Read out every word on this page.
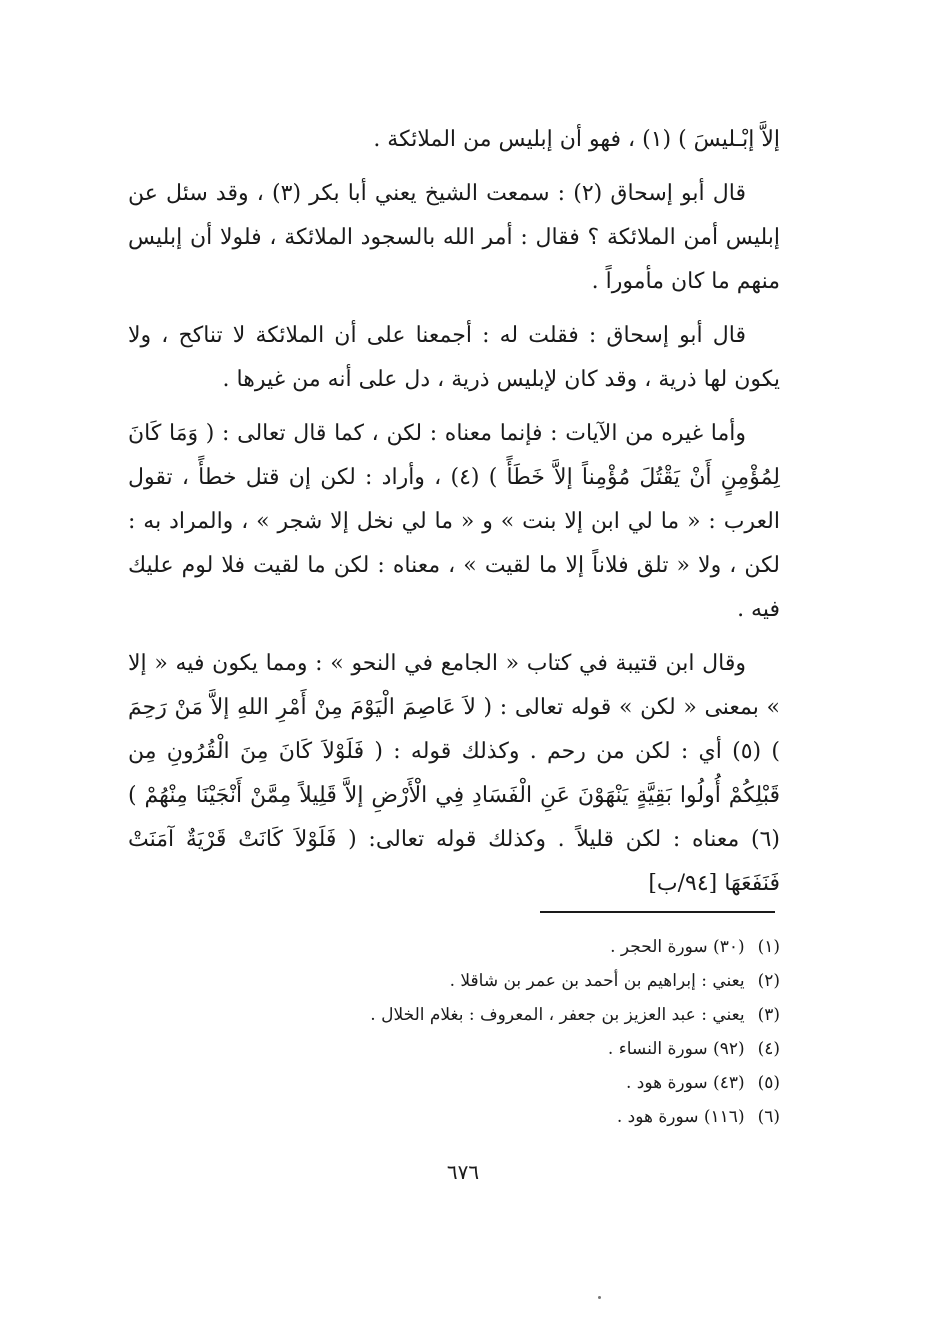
إلاَّ إبْـليسَ ) (١) ، فهو أن إبليس من الملائكة .

قال أبو إسحاق (٢) : سمعت الشيخ يعني أبا بكر (٣) ، وقد سئل عن إبليس أمن الملائكة ؟ فقال : أمر الله بالسجود الملائكة ، فلولا أن إبليس منهم ما كان مأموراً .

قال أبو إسحاق : فقلت له : أجمعنا على أن الملائكة لا تناكح ، ولا يكون لها ذرية ، وقد كان لإبليس ذرية ، دل على أنه من غيرها .

وأما غيره من الآيات : فإنما معناه : لكن ، كما قال تعالى : ( وَمَا كَانَ لِمُؤْمِنٍ أَنْ يَقْتُلَ مُؤْمِناً إلاَّ خَطَأً ) (٤) ، وأراد : لكن إن قتل خطأً ، تقول العرب : « ما لي ابن إلا بنت » و « ما لي نخل إلا شجر » ، والمراد به : لكن ، ولا « تلق فلاناً إلا ما لقيت » ، معناه : لكن ما لقيت فلا لوم عليك فيه .

وقال ابن قتيبة في كتاب « الجامع في النحو » : ومما يكون فيه « إلا » بمعنى « لكن » قوله تعالى : ( لاَ عَاصِمَ الْيَوْمَ مِنْ أَمْرِ اللهِ إلاَّ مَنْ رَحِمَ ) (٥) أي : لكن من رحم . وكذلك قوله : ( فَلَوْلاَ كَانَ مِنَ الْقُرُونِ مِن قَبْلِكُمْ أُولُوا بَقِيَّةٍ يَنْهَوْنَ عَنِ الْفَسَادِ فِي الْأَرْضِ إلاَّ قَلِيلاً مِمَّنْ أَنْجَيْنَا مِنْهُمْ ) (٦) معناه : لكن قليلاً . وكذلك قوله تعالى: ( فَلَوْلاَ كَانَتْ قَرْيَةٌ آمَنَتْ فَنَفَعَهَا [٩٤/ب]

(١) (٣٠) سورة الحجر .
(٢) يعني : إبراهيم بن أحمد بن عمر بن شاقلا .
(٣) يعني : عبد العزيز بن جعفر ، المعروف : بغلام الخلال .
(٤) (٩٢) سورة النساء .
(٥) (٤٣) سورة هود .
(٦) (١١٦) سورة هود .
٦٧٦
